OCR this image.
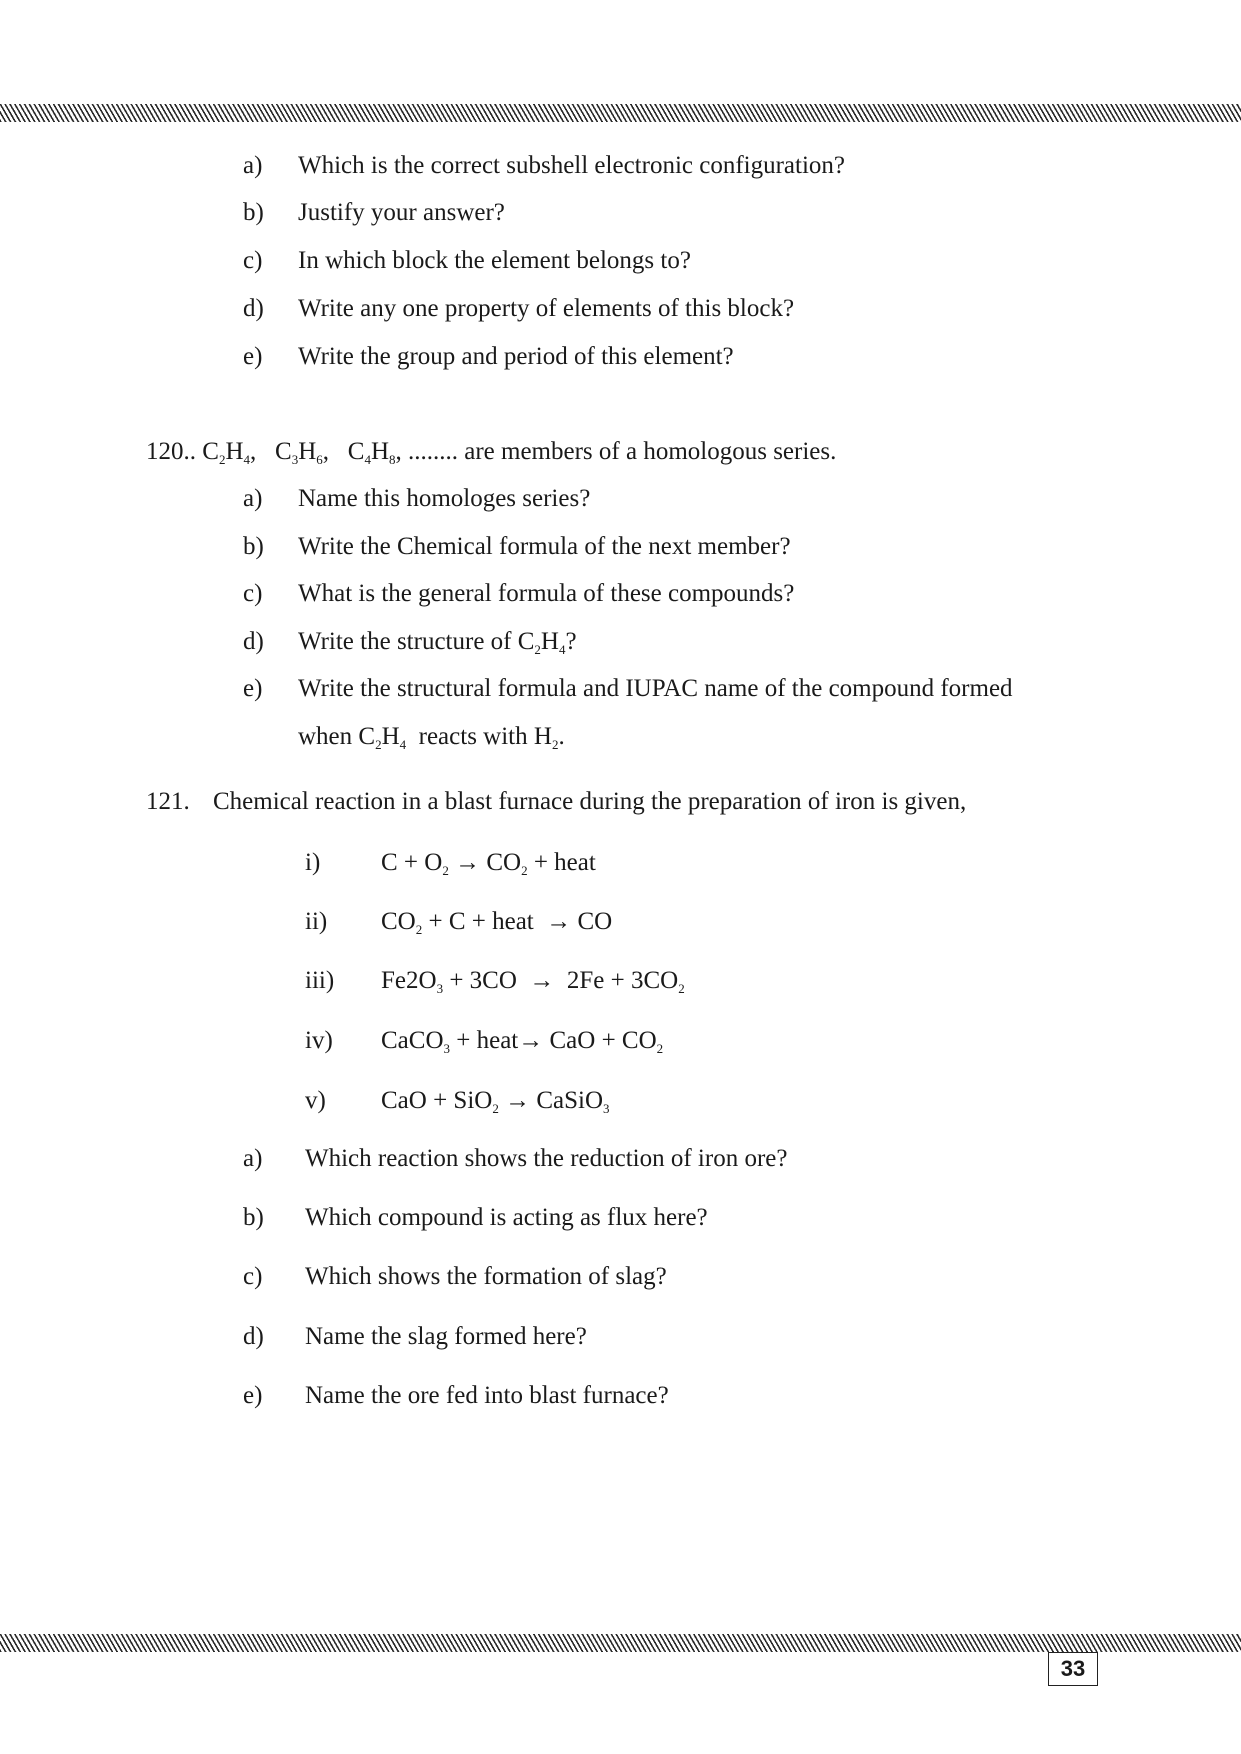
a) Which is the correct subshell electronic configuration?
b) Justify your answer?
c) In which block the element belongs to?
d) Write any one property of elements of this block?
e) Write the group and period of this element?
120.. $C_2H_4$,   $C_3H_6$,   $C_4H_8$, ........ are members of a homologous series.
a) Name this homologes series?
b) Write the Chemical formula of the next member?
c) What is the general formula of these compounds?
d) Write the structure of $C_2H_4$?
e) Write the structural formula and IUPAC name of the compound formed
when $C_2H_4$ reacts with $H_2$.
121. Chemical reaction in a blast furnace during the preparation of iron is given,
i) $C + O_2 \to CO_2$ + heat
ii) $CO_2 + C$ + heat  → CO
iii) $Fe2O_3 + 3CO \to 2Fe + 3CO_2$
iv) CaCO$_3$ + heat→ CaO + $CO_2$
v) CaO + SiO$_2$ → CaSiO$_3$
a) Which reaction shows the reduction of iron ore?
b) Which compound is acting as flux here?
c) Which shows the formation of slag?
d) Name the slag formed here?
e) Name the ore fed into blast furnace?
33
